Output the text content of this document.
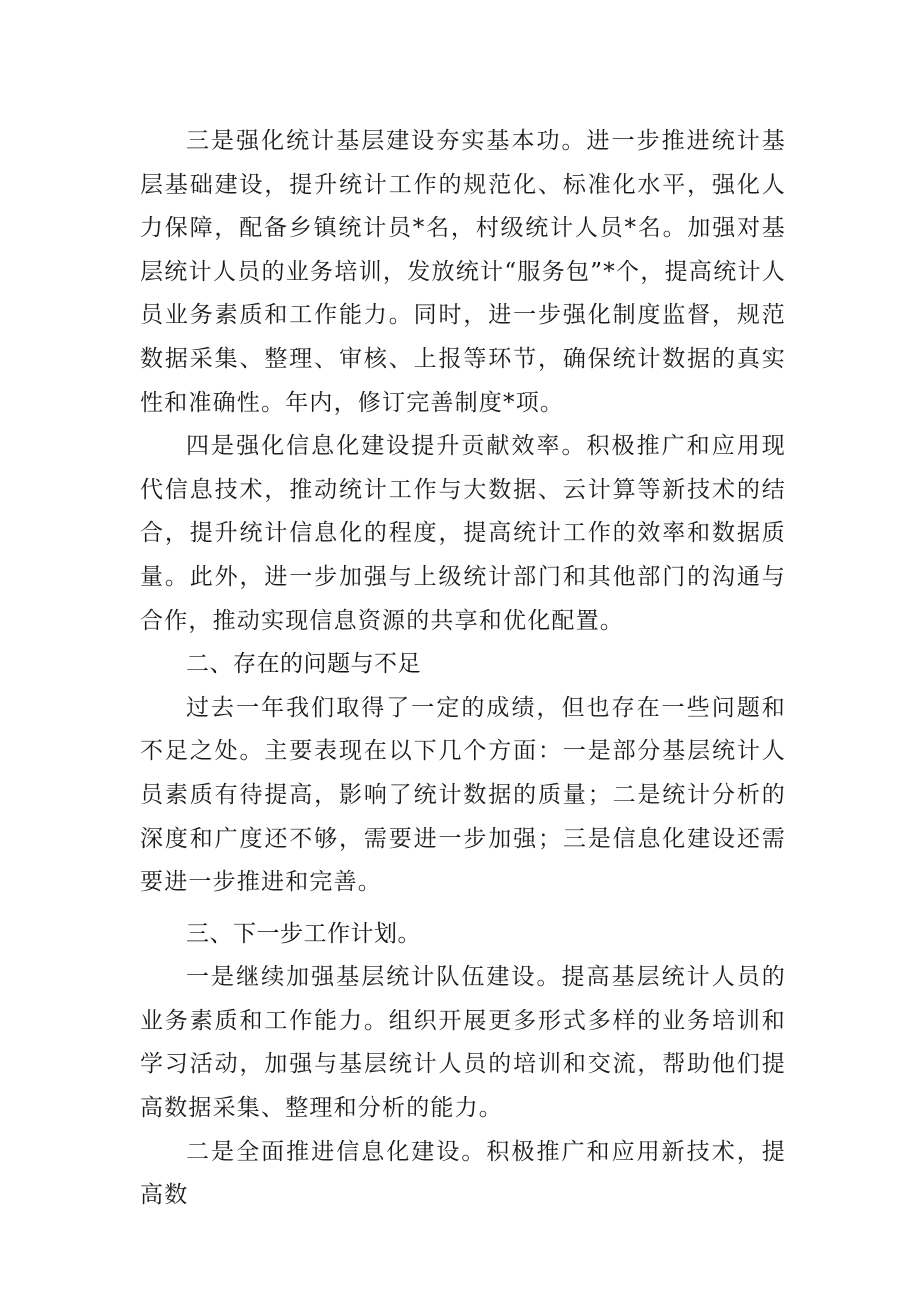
三是强化统计基层建设夯实基本功。进一步推进统计基层基础建设，提升统计工作的规范化、标准化水平，强化人力保障，配备乡镇统计员*名，村级统计人员*名。加强对基层统计人员的业务培训，发放统计“服务包”*个，提高统计人员业务素质和工作能力。同时，进一步强化制度监督，规范数据采集、整理、审核、上报等环节，确保统计数据的真实性和准确性。年内，修订完善制度*项。

四是强化信息化建设提升贡献效率。积极推广和应用现代信息技术，推动统计工作与大数据、云计算等新技术的结合，提升统计信息化的程度，提高统计工作的效率和数据质量。此外，进一步加强与上级统计部门和其他部门的沟通与合作，推动实现信息资源的共享和优化配置。

二、存在的问题与不足

过去一年我们取得了一定的成绩，但也存在一些问题和不足之处。主要表现在以下几个方面：一是部分基层统计人员素质有待提高，影响了统计数据的质量；二是统计分析的深度和广度还不够，需要进一步加强；三是信息化建设还需要进一步推进和完善。

三、下一步工作计划。

一是继续加强基层统计队伍建设。提高基层统计人员的业务素质和工作能力。组织开展更多形式多样的业务培训和学习活动，加强与基层统计人员的培训和交流，帮助他们提高数据采集、整理和分析的能力。

二是全面推进信息化建设。积极推广和应用新技术，提高数
